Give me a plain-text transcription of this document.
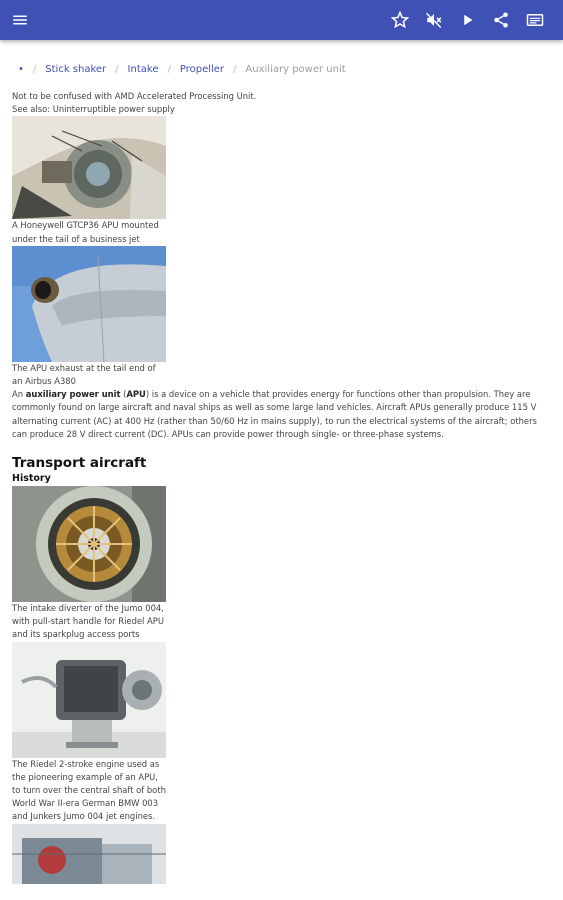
• / Stick shaker / Intake / Propeller / Auxiliary power unit
Not to be confused with AMD Accelerated Processing Unit.
See also: Uninterruptible power supply
A Honeywell GTCP36 APU mounted under the tail of a business jet
The APU exhaust at the tail end of an Airbus A380
An auxiliary power unit (APU) is a device on a vehicle that provides energy for functions other than propulsion. They are commonly found on large aircraft and naval ships as well as some large land vehicles. Aircraft APUs generally produce 115 V alternating current (AC) at 400 Hz (rather than 50/60 Hz in mains supply), to run the electrical systems of the aircraft; others can produce 28 V direct current (DC). APUs can provide power through single- or three-phase systems.
Transport aircraft
History
The intake diverter of the Jumo 004, with pull-start handle for Riedel APU and its sparkplug access ports
The Riedel 2-stroke engine used as the pioneering example of an APU, to turn over the central shaft of both World War II-era German BMW 003 and Junkers Jumo 004 jet engines.
